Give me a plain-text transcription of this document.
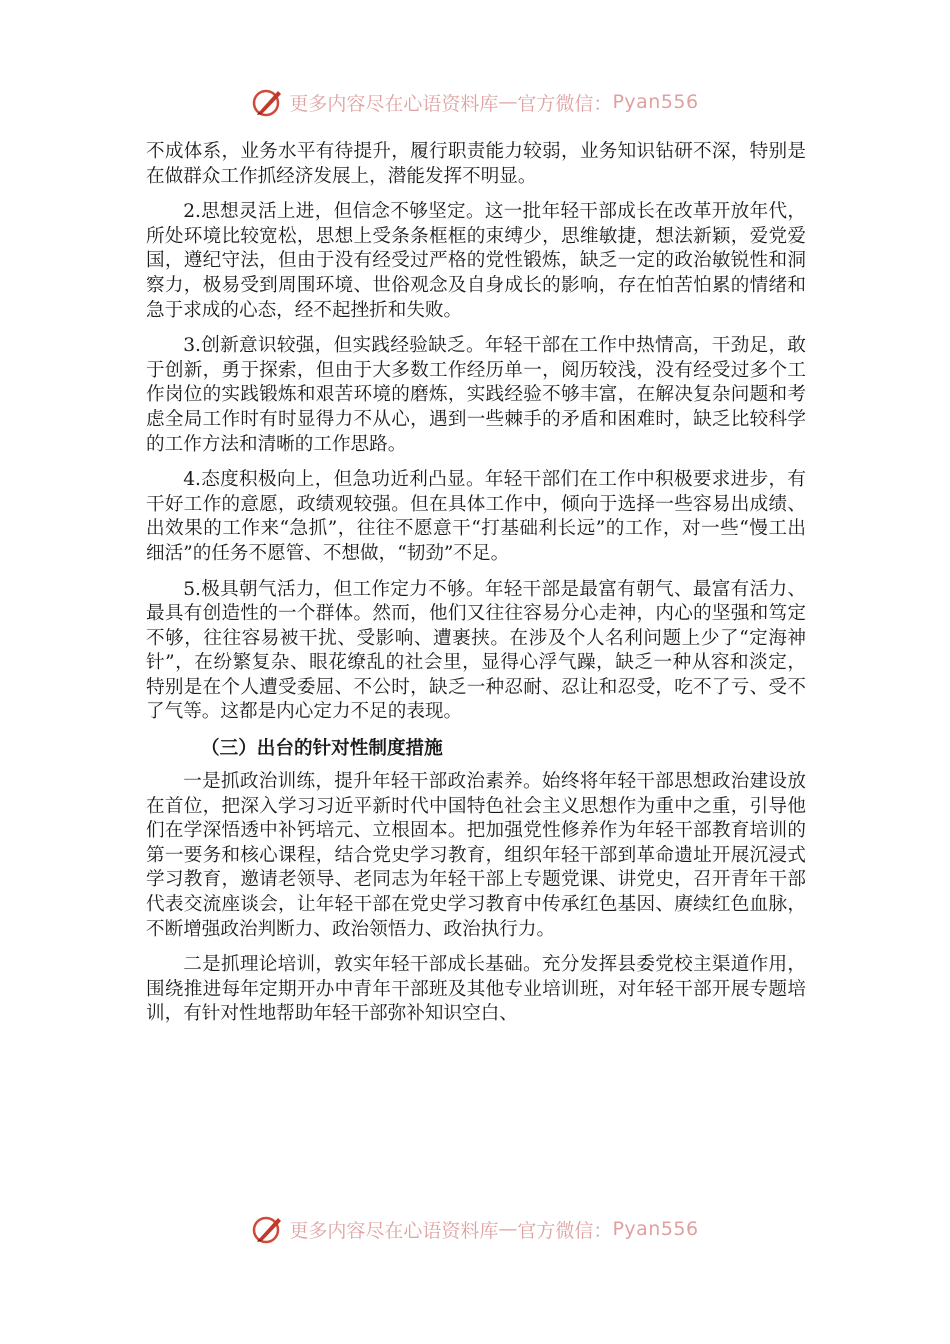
更多内容尽在心语资料库 — 官方微信： Pyan556

不成体系，业务水平有待提升，履行职责能力较弱，业务知识钻研不深，特别是在做群众工作抓经济发展上，潜能发挥不明显。

2.思想灵活上进，但信念不够坚定。这一批年轻干部成长在改革开放年代，所处环境比较宽松，思想上受条条框框的束缚少，思维敏捷，想法新颖，爱党爱国，遵纪守法，但由于没有经受过严格的党性锻炼，缺乏一定的政治敏锐性和洞察力，极易受到周围环境、世俗观念及自身成长的影响，存在怕苦怕累的情绪和急于求成的心态，经不起挫折和失败。

3.创新意识较强，但实践经验缺乏。年轻干部在工作中热情高，干劲足，敢于创新，勇于探索，但由于大多数工作经历单一，阅历较浅，没有经受过多个工作岗位的实践锻炼和艰苦环境的磨炼，实践经验不够丰富，在解决复杂问题和考虑全局工作时有时显得力不从心，遇到一些棘手的矛盾和困难时，缺乏比较科学的工作方法和清晰的工作思路。

4.态度积极向上，但急功近利凸显。年轻干部们在工作中积极要求进步，有干好工作的意愿，政绩观较强。但在具体工作中，倾向于选择一些容易出成绩、出效果的工作来“急抓”，往往不愿意干“打基础利长远”的工作，对一些“慢工出细活”的任务不愿管、不想做，“韧劲”不足。

5.极具朝气活力，但工作定力不够。年轻干部是最富有朝气、最富有活力、最具有创造性的一个群体。然而，他们又往往容易分心走神，内心的坚强和笃定不够，往往容易被干扰、受影响、遭裹挟。在涉及个人名利问题上少了“定海神针”，在纷繁复杂、眼花缭乱的社会里，显得心浮气躁，缺乏一种从容和淡定，特别是在个人遭受委屈、不公时，缺乏一种忍耐、忍让和忍受，吃不了亏、受不了气等。这都是内心定力不足的表现。

（三）出台的针对性制度措施

一是抓政治训练，提升年轻干部政治素养。始终将年轻干部思想政治建设放在首位，把深入学习习近平新时代中国特色社会主义思想作为重中之重，引导他们在学深悟透中补钙培元、立根固本。把加强党性修养作为年轻干部教育培训的第一要务和核心课程，结合党史学习教育，组织年轻干部到革命遗址开展沉浸式学习教育，邀请老领导、老同志为年轻干部上专题党课、讲党史，召开青年干部代表交流座谈会，让年轻干部在党史学习教育中传承红色基因、赓续红色血脉，不断增强政治判断力、政治领悟力、政治执行力。

二是抓理论培训，敦实年轻干部成长基础。充分发挥县委党校主渠道作用，围绕推进每年定期开办中青年干部班及其他专业培训班，对年轻干部开展专题培训，有针对性地帮助年轻干部弥补知识空白、

更多内容尽在心语资料库 — 官方微信： Pyan556
